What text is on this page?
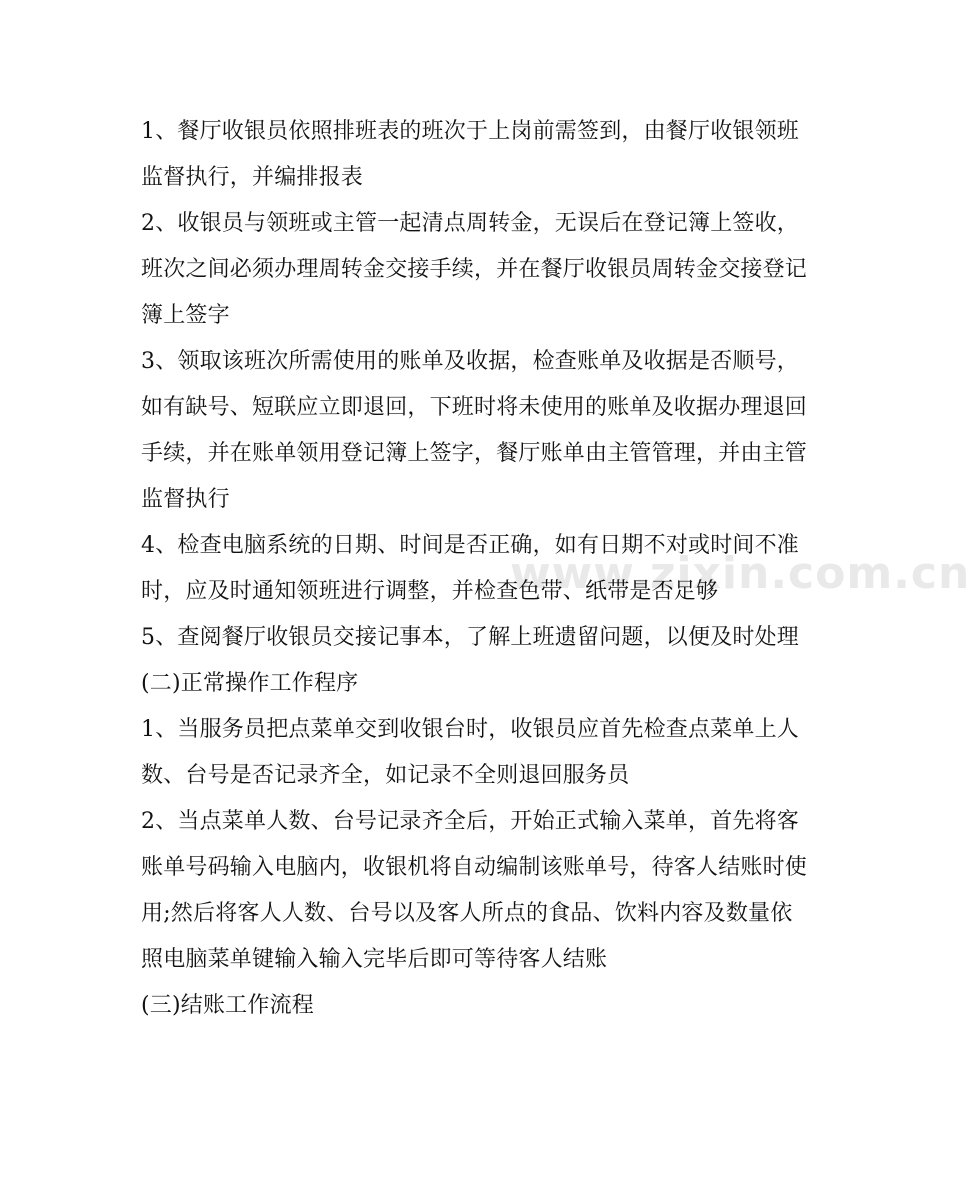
www.zixin.com.cn
1、餐厅收银员依照排班表的班次于上岗前需签到，由餐厅收银领班
监督执行，并编排报表
2、收银员与领班或主管一起清点周转金，无误后在登记簿上签收，
班次之间必须办理周转金交接手续，并在餐厅收银员周转金交接登记
簿上签字
3、领取该班次所需使用的账单及收据，检查账单及收据是否顺号，
如有缺号、短联应立即退回，下班时将未使用的账单及收据办理退回
手续，并在账单领用登记簿上签字，餐厅账单由主管管理，并由主管
监督执行
4、检查电脑系统的日期、时间是否正确，如有日期不对或时间不准
时，应及时通知领班进行调整，并检查色带、纸带是否足够
5、查阅餐厅收银员交接记事本，了解上班遗留问题，以便及时处理
(二)正常操作工作程序
1、当服务员把点菜单交到收银台时，收银员应首先检查点菜单上人
数、台号是否记录齐全，如记录不全则退回服务员
2、当点菜单人数、台号记录齐全后，开始正式输入菜单，首先将客
账单号码输入电脑内，收银机将自动编制该账单号，待客人结账时使
用;然后将客人人数、台号以及客人所点的食品、饮料内容及数量依
照电脑菜单键输入输入完毕后即可等待客人结账
(三)结账工作流程
